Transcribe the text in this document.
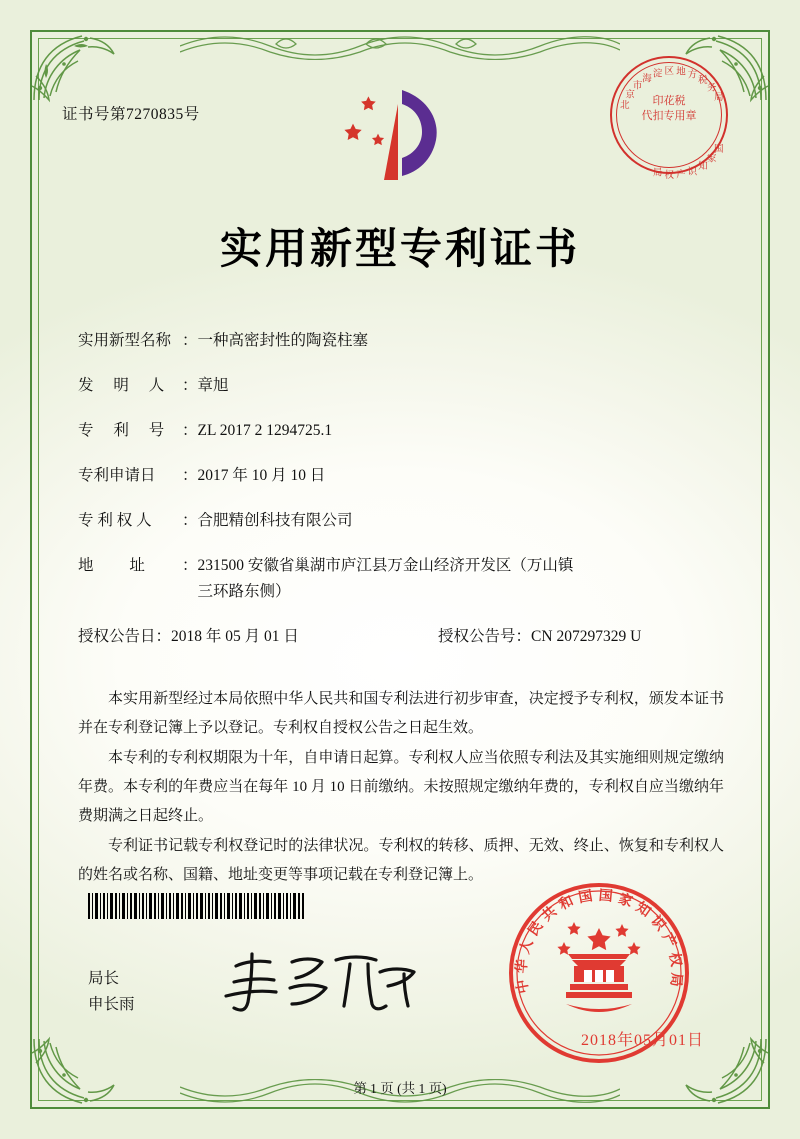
证书号第7270835号	北
京
市
海 淀 区 地 方
税
务
局
国
家
知
识
产
权
局
印花税
代扣专用章
实用新型专利证书
实用新型名称 ： 一种高密封性的陶瓷柱塞
发 明 人 ： 章旭
专 利 号 ： ZL 2017 2 1294725.1
专利申请日	： 2017 年 10 月 10 日
专 利 权 人	： 合肥精创科技有限公司
地 址	： 231500 安徽省巢湖市庐江县万金山经济开发区（万山镇
三环路东侧）
授权公告日：2018 年 05 月 01 日	授权公告号：CN 207297329 U

本实用新型经过本局依照中华人民共和国专利法进行初步审查，决定授予专利权，颁发本证书并在专利登记簿上予以登记。专利权自授权公告之日起生效。

本专利的专利权期限为十年，自申请日起算。专利权人应当依照专利法及其实施细则规定缴纳年费。本专利的年费应当在每年 10 月 10 日前缴纳。未按照规定缴纳年费的，专利权自应当缴纳年费期满之日起终止。

专利证书记载专利权登记时的法律状况。专利权的转移、质押、无效、终止、恢复和专利权人的姓名或名称、国籍、地址变更等事项记载在专利登记簿上。

局长
申长雨
中
华
人
民
共
和 国 国 家
知
识
产
权
局
2018年05月01日
第 1 页 (共 1 页)
